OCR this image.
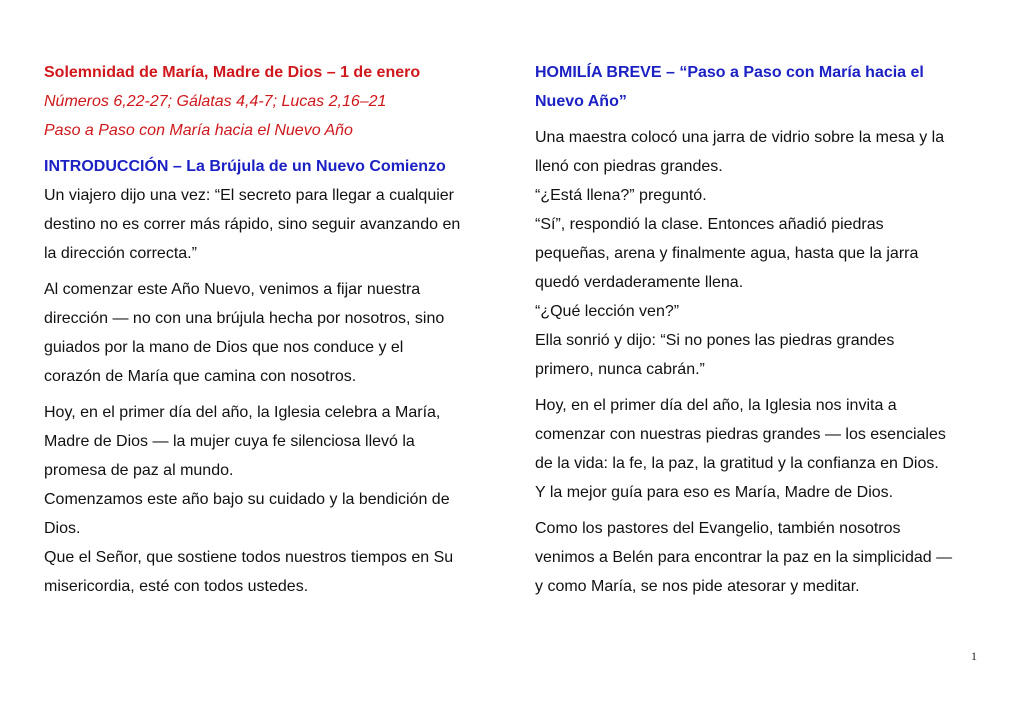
Solemnidad de María, Madre de Dios – 1 de enero
Números 6,22-27; Gálatas 4,4-7; Lucas 2,16–21
Paso a Paso con María hacia el Nuevo Año
INTRODUCCIÓN – La Brújula de un Nuevo Comienzo
Un viajero dijo una vez: “El secreto para llegar a cualquier
destino no es correr más rápido, sino seguir avanzando en
la dirección correcta.”
Al comenzar este Año Nuevo, venimos a fijar nuestra
dirección — no con una brújula hecha por nosotros, sino
guiados por la mano de Dios que nos conduce y el
corazón de María que camina con nosotros.
Hoy, en el primer día del año, la Iglesia celebra a María,
Madre de Dios — la mujer cuya fe silenciosa llevó la
promesa de paz al mundo.
Comenzamos este año bajo su cuidado y la bendición de
Dios.
Que el Señor, que sostiene todos nuestros tiempos en Su
misericordia, esté con todos ustedes.
HOMILÍA BREVE – “Paso a Paso con María hacia el
Nuevo Año”
Una maestra colocó una jarra de vidrio sobre la mesa y la
llenó con piedras grandes.
“¿Está llena?” preguntó.
“Sí”, respondió la clase. Entonces añadió piedras
pequeñas, arena y finalmente agua, hasta que la jarra
quedó verdaderamente llena.
“¿Qué lección ven?”
Ella sonrió y dijo: “Si no pones las piedras grandes
primero, nunca cabrán.”
Hoy, en el primer día del año, la Iglesia nos invita a
comenzar con nuestras piedras grandes — los esenciales
de la vida: la fe, la paz, la gratitud y la confianza en Dios.
Y la mejor guía para eso es María, Madre de Dios.
Como los pastores del Evangelio, también nosotros
venimos a Belén para encontrar la paz en la simplicidad —
y como María, se nos pide atesorar y meditar.
1
